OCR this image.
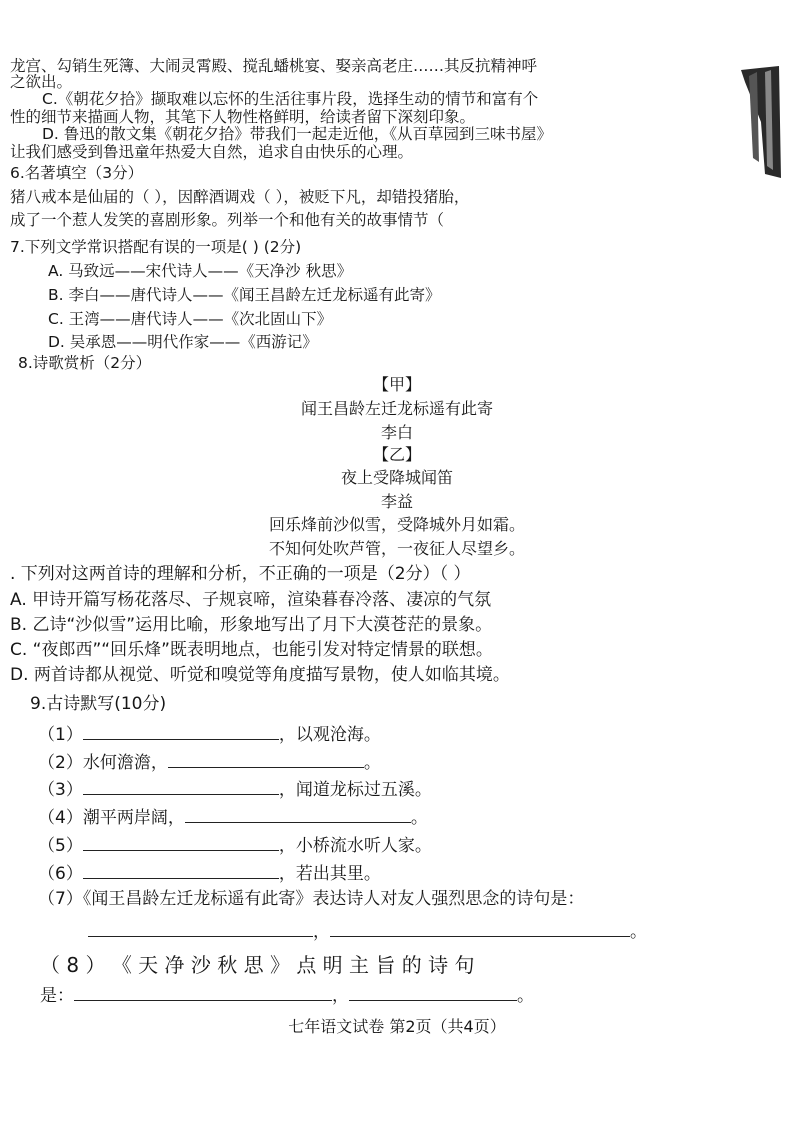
龙宫、勾销生死簿、大闹灵霄殿、搅乱蟠桃宴、娶亲高老庄……其反抗精神呼
之欲出。
C.《朝花夕拾》撷取难以忘怀的生活往事片段，选择生动的情节和富有个
性的细节来描画人物，其笔下人物性格鲜明，给读者留下深刻印象。
D. 鲁迅的散文集《朝花夕拾》带我们一起走近他，《从百草园到三味书屋》
让我们感受到鲁迅童年热爱大自然，追求自由快乐的心理。
6.名著填空（3分）
猪八戒本是仙届的（ ），因醉酒调戏（ ），被贬下凡，却错投猪胎，
成了一个惹人发笑的喜剧形象。列举一个和他有关的故事情节（
7.下列文学常识搭配有误的一项是( ) (2分)
A. 马致远——宋代诗人——《天净沙 秋思》
B. 李白——唐代诗人——《闻王昌龄左迁龙标遥有此寄》
C. 王湾——唐代诗人——《次北固山下》
D. 吴承恩——明代作家——《西游记》
8.诗歌赏析（2分）
【甲】
闻王昌龄左迁龙标遥有此寄
李白
【乙】
夜上受降城闻笛
李益
回乐烽前沙似雪，受降城外月如霜。
不知何处吹芦管，一夜征人尽望乡。
. 下列对这两首诗的理解和分析，不正确的一项是（2分）（ ）
A. 甲诗开篇写杨花落尽、子规哀啼，渲染暮春冷落、凄凉的气氛
B. 乙诗“沙似雪”运用比喻，形象地写出了月下大漠苍茫的景象。
C. “夜郎西”“回乐烽”既表明地点，也能引发对特定情景的联想。
D. 两首诗都从视觉、听觉和嗅觉等角度描写景物，使人如临其境。
9.古诗默写(10分)
（1）	，以观沧海。
（2）水何澹澹，	。
（3）	，闻道龙标过五溪。
（4）潮平两岸阔，	。
（5）	，小桥流水听人家。
（6）	，若出其里。
（7）《闻王昌龄左迁龙标遥有此寄》表达诗人对友人强烈思念的诗句是：
，	。
（ 8 ） 《 天 净 沙 秋 思 》 点 明 主 旨 的 诗 句
是：	，	。
七年语文试卷 第2页（共4页）
